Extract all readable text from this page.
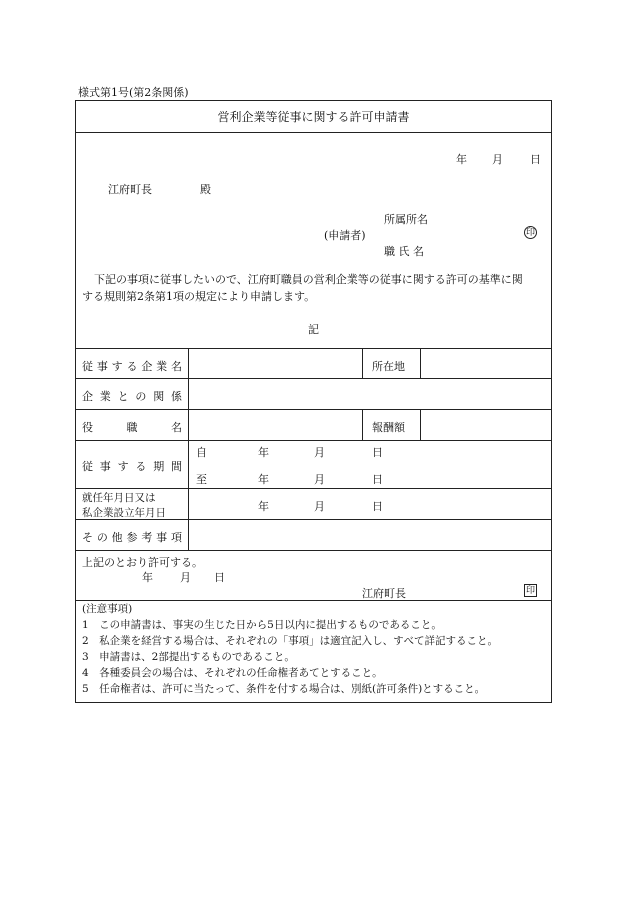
様式第1号(第2条関係)
営利企業等従事に関する許可申請書
年 月 日
江府町長	殿
所属所名
(申請者)
職 氏 名
印
下記の事項に従事したいので、江府町職員の営利企業等の従事に関する許可の基準に関
する規則第2条第1項の規定により申請します。
記
従事する企業名	所在地
企業との関係
役職名	報酬額
従事する期間
自	年	月	日
至	年	月	日
就任年月日又は
私企業設立年月日	年	月	日
その他参考事項
上記のとおり許可する。
年 月 日
江府町長	印
(注意事項)
1　この申請書は、事実の生じた日から5日以内に提出するものであること。
2　私企業を経営する場合は、それぞれの「事項」は適宜記入し、すべて詳記すること。
3　申請書は、2部提出するものであること。
4　各種委員会の場合は、それぞれの任命権者あてとすること。
5　任命権者は、許可に当たって、条件を付する場合は、別紙(許可条件)とすること。
